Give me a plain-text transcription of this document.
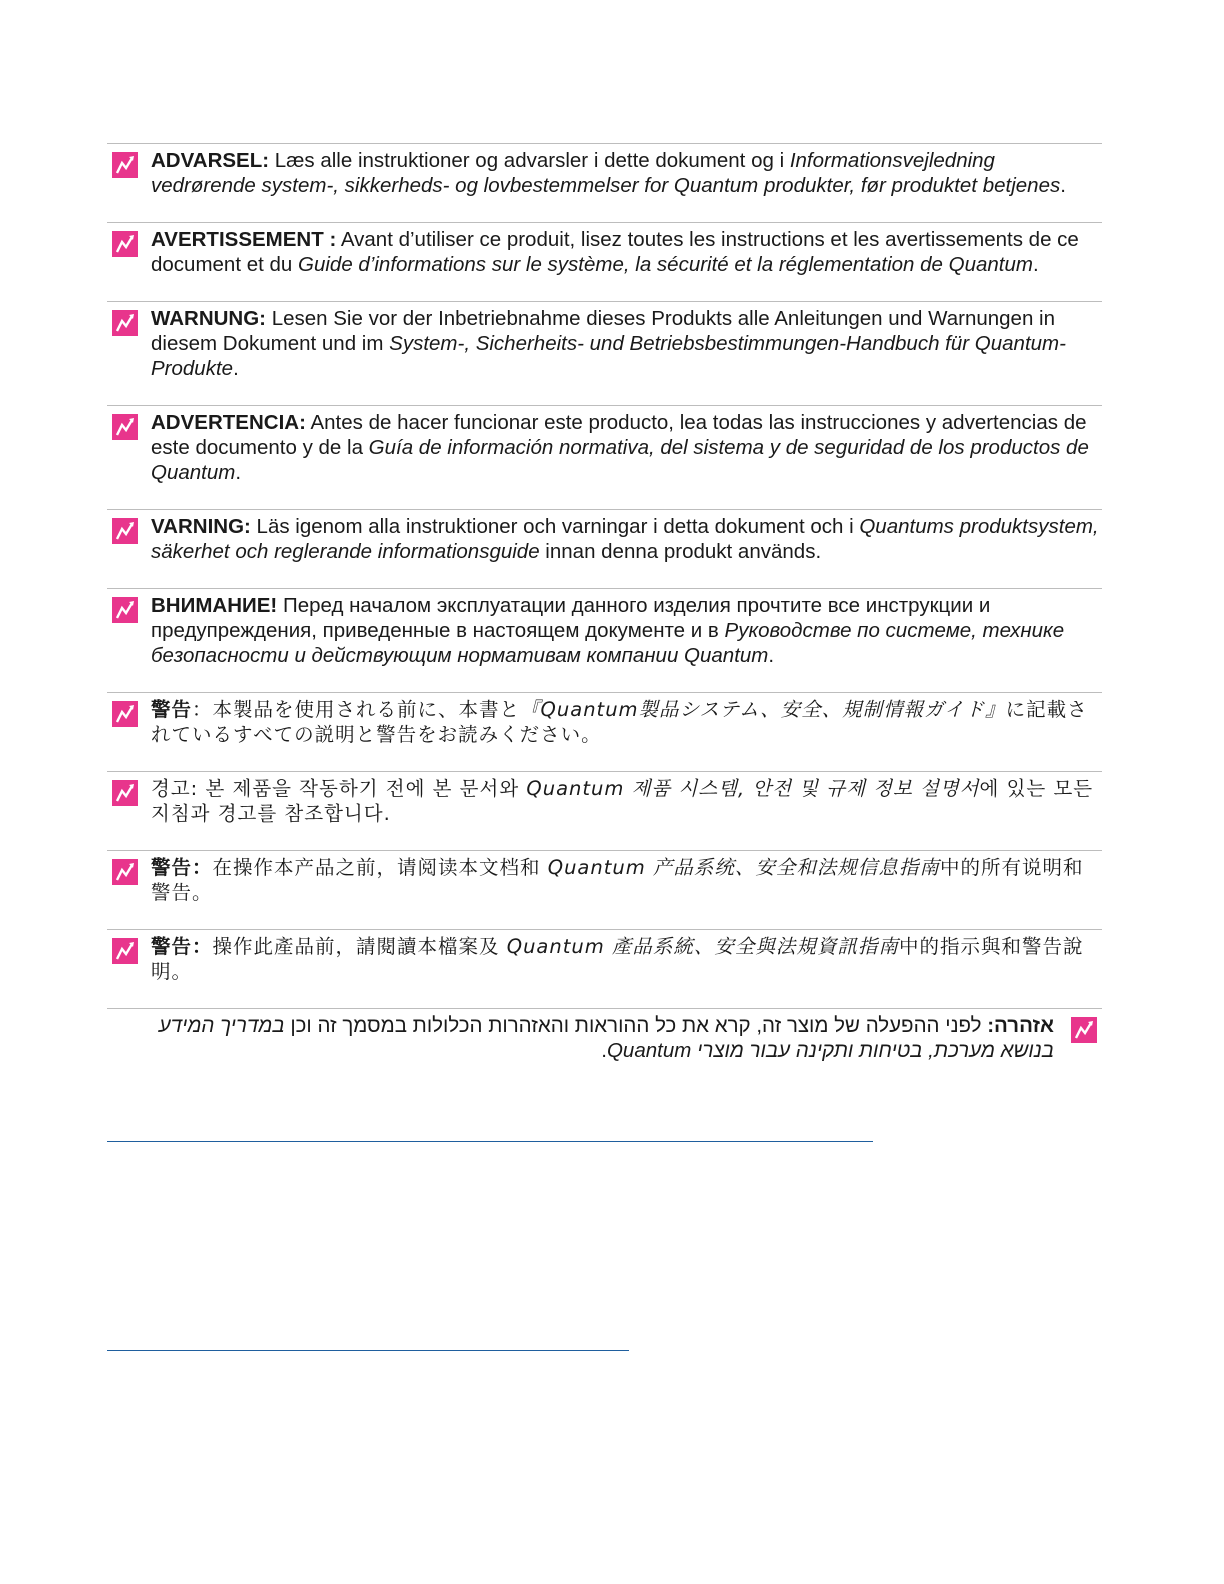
ADVARSEL: Læs alle instruktioner og advarsler i dette dokument og i Informationsvejledning vedrørende system-, sikkerheds- og lovbestemmelser for Quantum produkter, før produktet betjenes.
AVERTISSEMENT : Avant d’utiliser ce produit, lisez toutes les instructions et les avertissements de ce document et du Guide d’informations sur le système, la sécurité et la réglementation de Quantum.
WARNUNG: Lesen Sie vor der Inbetriebnahme dieses Produkts alle Anleitungen und Warnungen in diesem Dokument und im System-, Sicherheits- und Betriebsbestimmungen-Handbuch für Quantum-Produkte.
ADVERTENCIA: Antes de hacer funcionar este producto, lea todas las instrucciones y advertencias de este documento y de la Guía de información normativa, del sistema y de seguridad de los productos de Quantum.
VARNING: Läs igenom alla instruktioner och varningar i detta dokument och i Quantums produktsystem, säkerhet och reglerande informationsguide innan denna produkt används.
ВНИМАНИЕ! Перед началом эксплуатации данного изделия прочтите все инструкции и предупреждения, приведенные в настоящем документе и в Руководстве по системе, технике безопасности и действующим нормативам компании Quantum.
警告：本製品を使用される前に、本書と『Quantum製品システム、安全、規制情報ガイド』に記載されているすべての説明と警告をお読みください。
경고: 본 제품을 작동하기 전에 본 문서와 Quantum 제품 시스템, 안전 및 규제 정보 설명서에 있는 모든 지침과 경고를 참조합니다.
警告：在操作本产品之前，请阅读本文档和 Quantum 产品系统、安全和法规信息指南中的所有说明和警告。
警告：操作此產品前，請閱讀本檔案及 Quantum 產品系統、安全與法規資訊指南中的指示與和警告說明。
אזהרה: לפני ההפעלה של מוצר זה, קרא את כל ההוראות והאזהרות הכלולות במסמך זה וכן במדריך המידע בנושא מערכת, בטיחות ותקינה עבור מוצרי Quantum.
